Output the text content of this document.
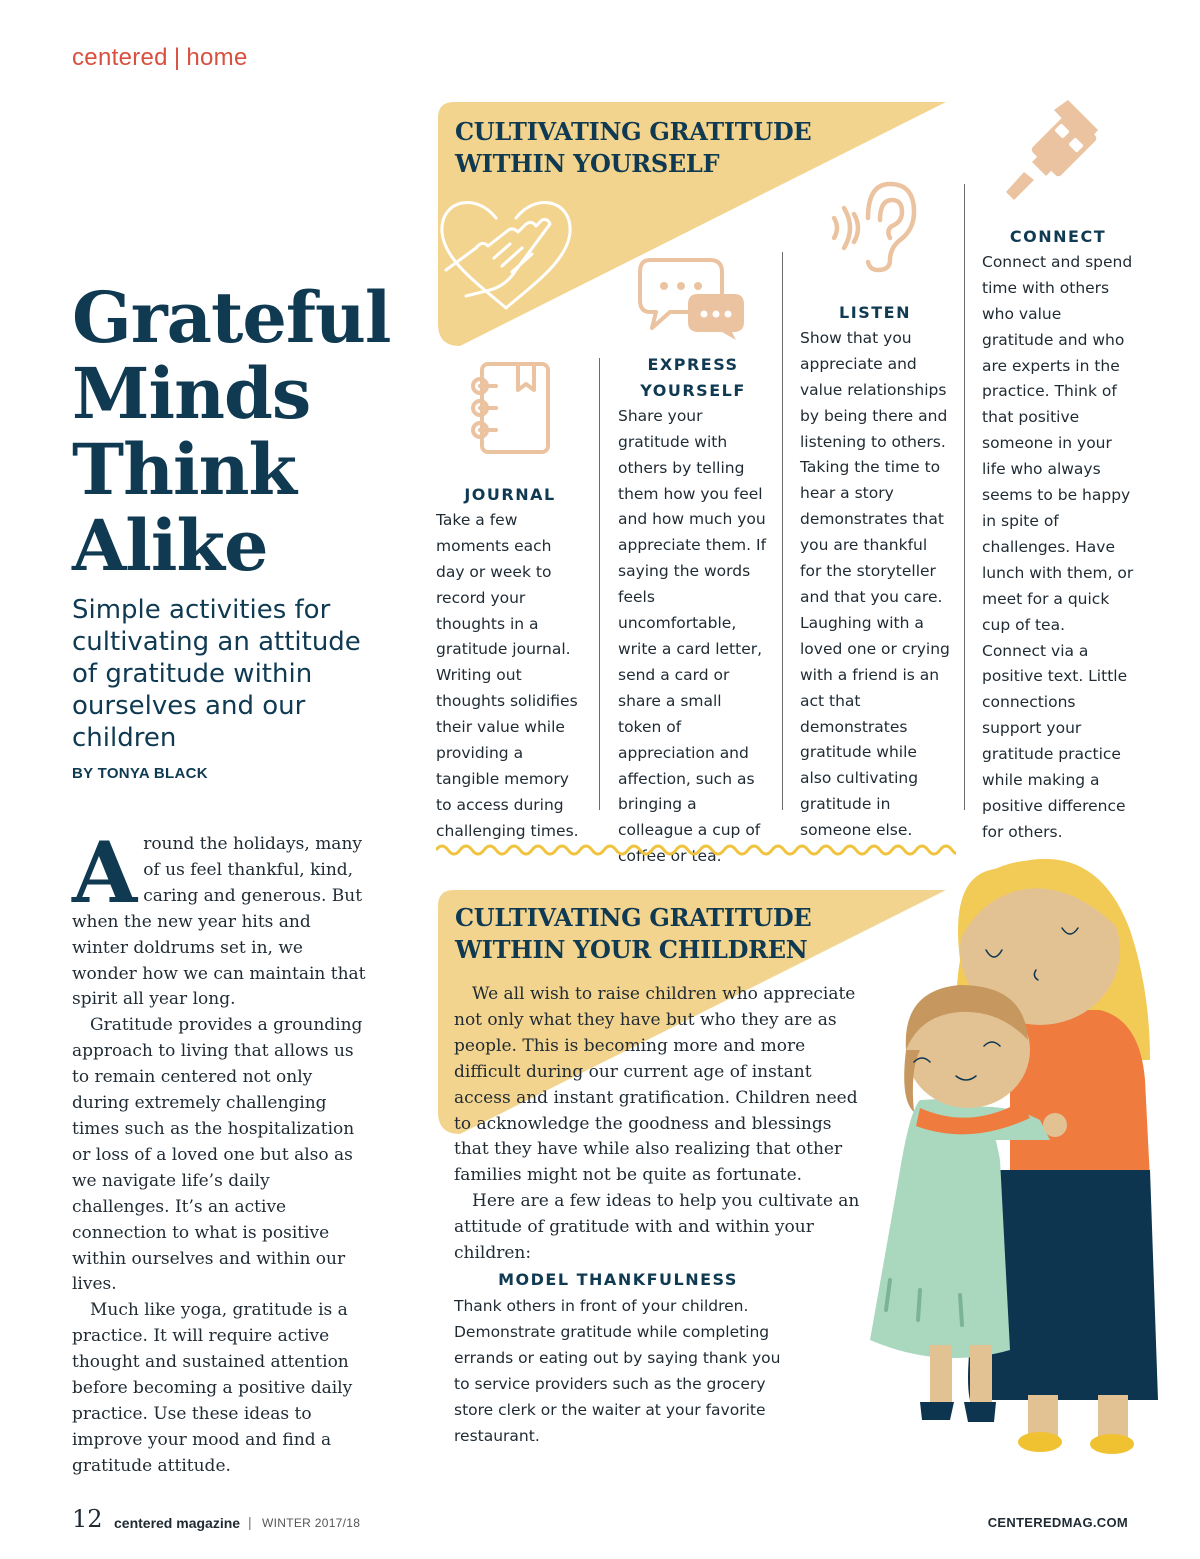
centered | home
Grateful
Minds
Think
Alike
Simple activities for cultivating an attitude of gratitude within ourselves and our children
BY TONYA BLACK

Around the holidays, many of us feel thankful, kind, caring and generous. But when the new year hits and winter doldrums set in, we wonder how we can maintain that spirit all year long.

Gratitude provides a grounding approach to living that allows us to remain centered not only during extremely challenging times such as the hospitalization or loss of a loved one but also as we navigate life’s daily challenges. It’s an active connection to what is positive within ourselves and within our lives.

Much like yoga, gratitude is a practice. It will require active thought and sustained attention before becoming a positive daily practice. Use these ideas to improve your mood and find a gratitude attitude.

CULTIVATING GRATITUDE
WITHIN YOURSELF
JOURNAL
Take a few moments each day or week to record your thoughts in a gratitude journal. Writing out thoughts solidifies their value while providing a tangible memory to access during challenging times.
EXPRESS
YOURSELF
Share your gratitude with others by telling them how you feel and how much you appreciate them. If saying the words feels uncomfortable, write a card letter, send a card or share a small token of appreciation and affection, such as bringing a colleague a cup of coffee or tea.
LISTEN
Show that you appreciate and value relationships by being there and listening to others. Taking the time to hear a story demonstrates that you are thankful for the storyteller and that you care. Laughing with a loved one or crying with a friend is an act that demonstrates gratitude while also cultivating gratitude in someone else.
CONNECT
Connect and spend time with others who value gratitude and who are experts in the practice. Think of that positive someone in your life who always seems to be happy in spite of challenges. Have lunch with them, or meet for a quick cup of tea. Connect via a positive text. Little connections support your gratitude practice while making a positive difference for others.
CULTIVATING GRATITUDE
WITHIN YOUR CHILDREN

We all wish to raise children who appreciate not only what they have but who they are as people. This is becoming more and more difficult during our current age of instant access and instant gratification. Children need to acknowledge the goodness and blessings that they have while also realizing that other families might not be quite as fortunate.

Here are a few ideas to help you cultivate an attitude of gratitude with and within your children:

MODEL THANKFULNESS
Thank others in front of your children. Demonstrate gratitude while completing errands or eating out by saying thank you to service providers such as the grocery store clerk or the waiter at your favorite restaurant.
12 centered magazine | WINTER 2017/18	CENTEREDMAG.COM
